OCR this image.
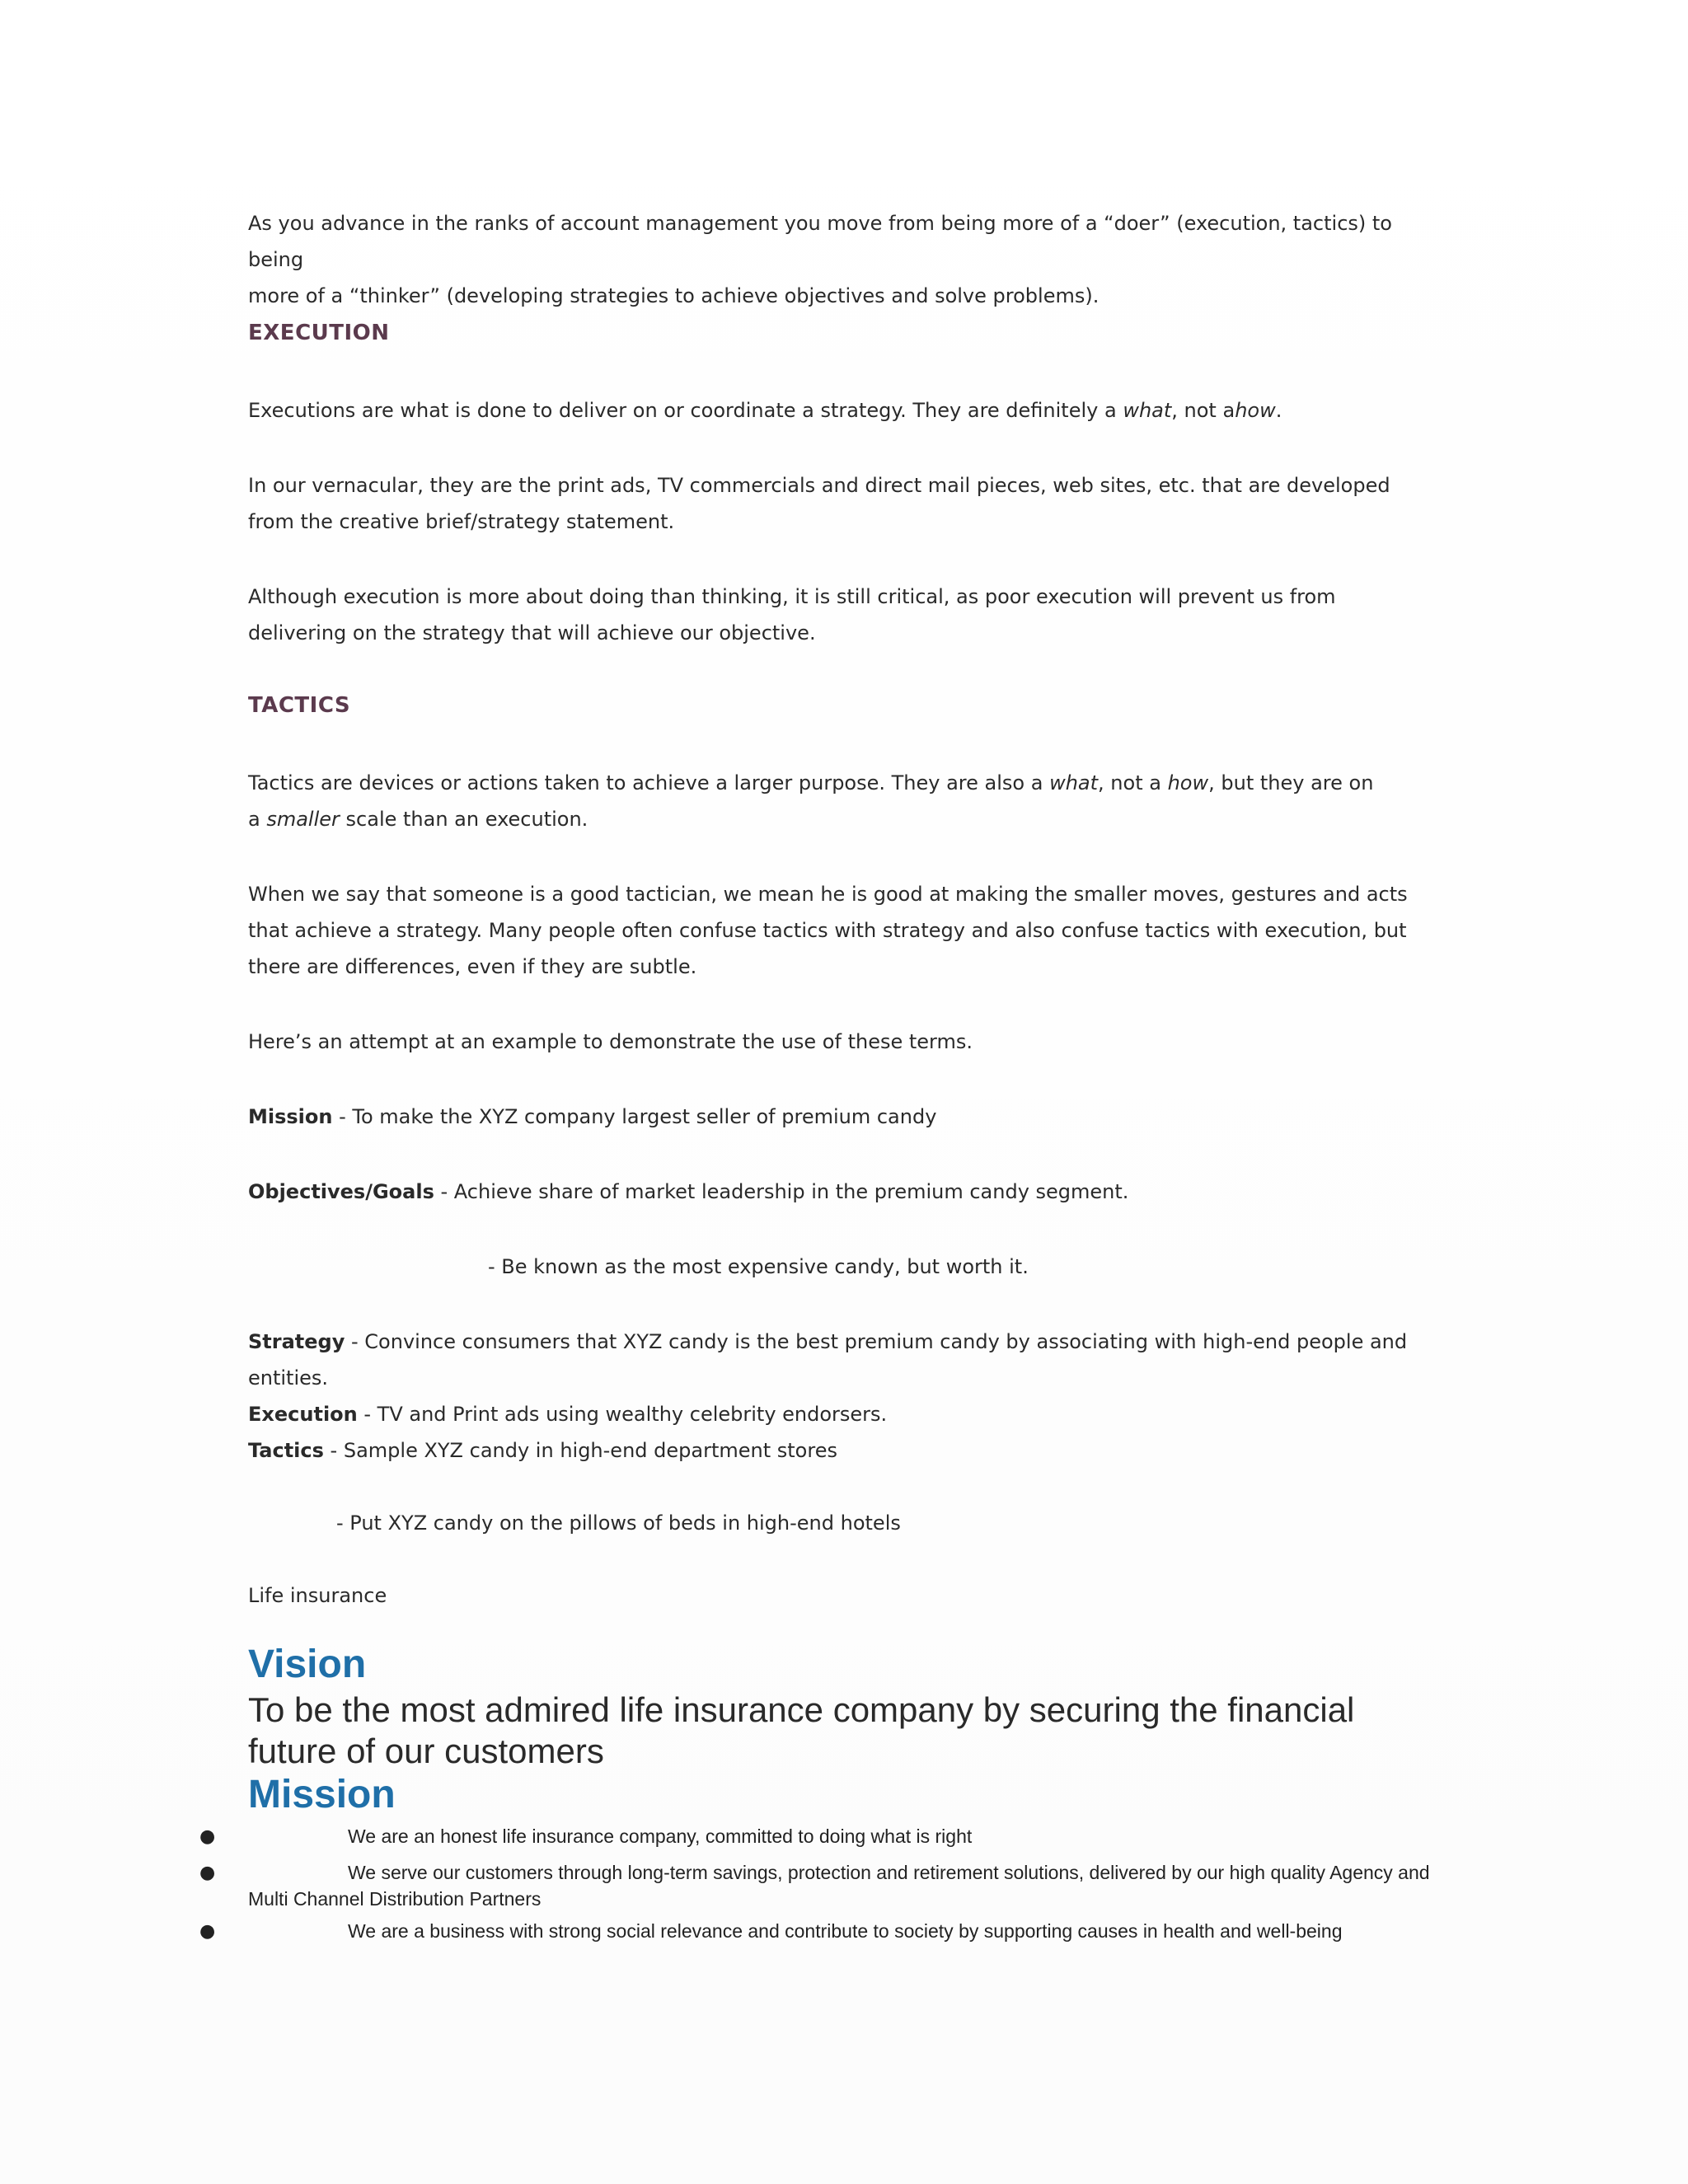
As you advance in the ranks of account management you move from being more of a “doer” (execution, tactics) to being
more of a “thinker” (developing strategies to achieve objectives and solve problems).
EXECUTION
Executions are what is done to deliver on or coordinate a strategy. They are definitely a what, not ahow.
In our vernacular, they are the print ads, TV commercials and direct mail pieces, web sites, etc. that are developed from the creative brief/strategy statement.
Although execution is more about doing than thinking, it is still critical, as poor execution will prevent us from delivering on the strategy that will achieve our objective.
TACTICS
Tactics are devices or actions taken to achieve a larger purpose. They are also a what, not a how, but they are on
a smaller scale than an execution.
When we say that someone is a good tactician, we mean he is good at making the smaller moves, gestures and acts that achieve a strategy. Many people often confuse tactics with strategy and also confuse tactics with execution, but there are differences, even if they are subtle.
Here’s an attempt at an example to demonstrate the use of these terms.
Mission - To make the XYZ company largest seller of premium candy
Objectives/Goals - Achieve share of market leadership in the premium candy segment.
- Be known as the most expensive candy, but worth it.
Strategy - Convince consumers that XYZ candy is the best premium candy by associating with high-end people and entities.
Execution - TV and Print ads using wealthy celebrity endorsers.
Tactics - Sample XYZ candy in high-end department stores
- Put XYZ candy on the pillows of beds in high-end hotels
Life insurance
Vision
To be the most admired life insurance company by securing the financial future of our customers
Mission
●	We are an honest life insurance company, committed to doing what is right
●	We serve our customers through long-term savings, protection and retirement solutions, delivered by our high quality Agency and Multi Channel Distribution Partners
●	We are a business with strong social relevance and contribute to society by supporting causes in health and well-being
